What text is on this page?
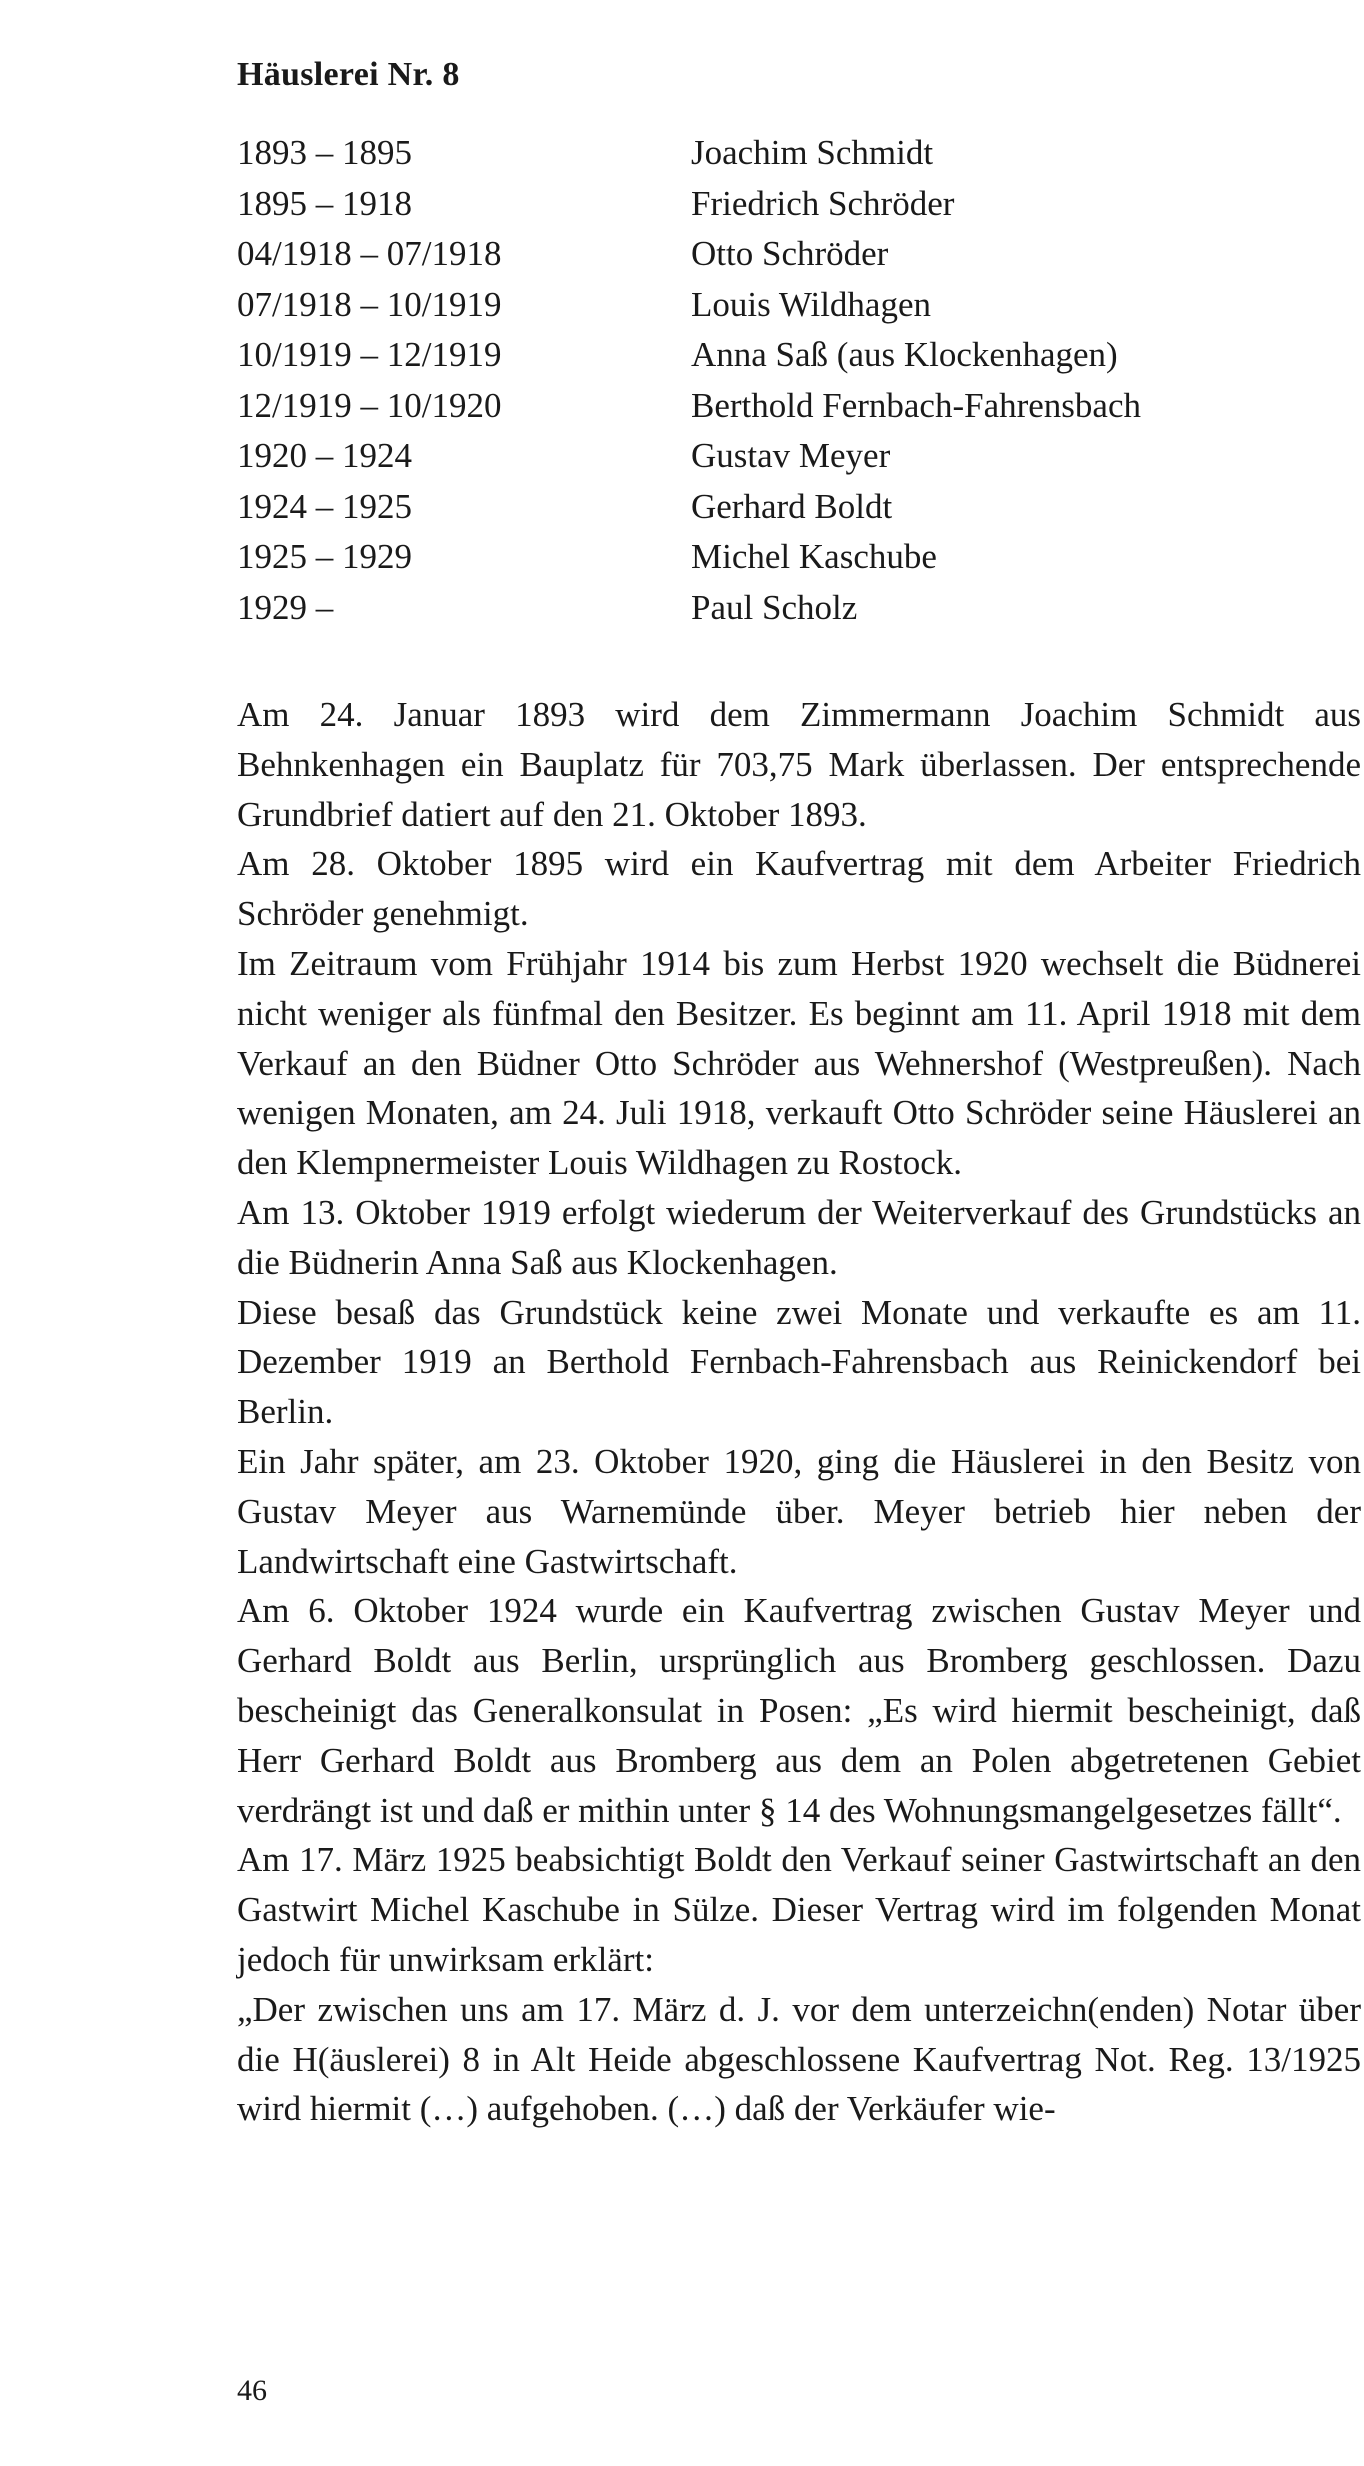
Häuslerei Nr. 8
1893 – 1895	Joachim Schmidt
1895 – 1918	Friedrich Schröder
04/1918 – 07/1918	Otto Schröder
07/1918 – 10/1919	Louis Wildhagen
10/1919 – 12/1919	Anna Saß (aus Klockenhagen)
12/1919 – 10/1920	Berthold Fernbach-Fahrensbach
1920 – 1924	Gustav Meyer
1924 – 1925	Gerhard Boldt
1925 – 1929	Michel Kaschube
1929 –	Paul Scholz

Am 24. Januar 1893 wird dem Zimmermann Joachim Schmidt aus Behnkenhagen ein Bauplatz für 703,75 Mark überlassen. Der entsprechende Grundbrief datiert auf den 21. Oktober 1893.

Am 28. Oktober 1895 wird ein Kaufvertrag mit dem Arbeiter Friedrich Schröder genehmigt.

Im Zeitraum vom Frühjahr 1914 bis zum Herbst 1920 wechselt die Büdnerei nicht weniger als fünfmal den Besitzer. Es beginnt am 11. April 1918 mit dem Verkauf an den Büdner Otto Schröder aus Wehnershof (Westpreußen). Nach wenigen Monaten, am 24. Juli 1918, verkauft Otto Schröder seine Häuslerei an den Klempnermeister Louis Wildhagen zu Rostock.

Am 13. Oktober 1919 erfolgt wiederum der Weiterverkauf des Grundstücks an die Büdnerin Anna Saß aus Klockenhagen.

Diese besaß das Grundstück keine zwei Monate und verkaufte es am 11. Dezember 1919 an Berthold Fernbach-Fahrensbach aus Reinickendorf bei Berlin.

Ein Jahr später, am 23. Oktober 1920, ging die Häuslerei in den Besitz von Gustav Meyer aus Warnemünde über. Meyer betrieb hier neben der Landwirtschaft eine Gastwirtschaft.

Am 6. Oktober 1924 wurde ein Kaufvertrag zwischen Gustav Meyer und Gerhard Boldt aus Berlin, ursprünglich aus Bromberg geschlossen. Dazu bescheinigt das Generalkonsulat in Posen: „Es wird hiermit bescheinigt, daß Herr Gerhard Boldt aus Bromberg aus dem an Polen abgetretenen Gebiet verdrängt ist und daß er mithin unter § 14 des Wohnungsmangelgesetzes fällt“.

Am 17. März 1925 beabsichtigt Boldt den Verkauf seiner Gastwirtschaft an den Gastwirt Michel Kaschube in Sülze. Dieser Vertrag wird im folgenden Monat jedoch für unwirksam erklärt:

„Der zwischen uns am 17. März d. J. vor dem unterzeichn(enden) Notar über die H(äuslerei) 8 in Alt Heide abgeschlossene Kaufvertrag Not. Reg. 13/1925 wird hiermit (…) aufgehoben. (…) daß der Verkäufer wie-

46
